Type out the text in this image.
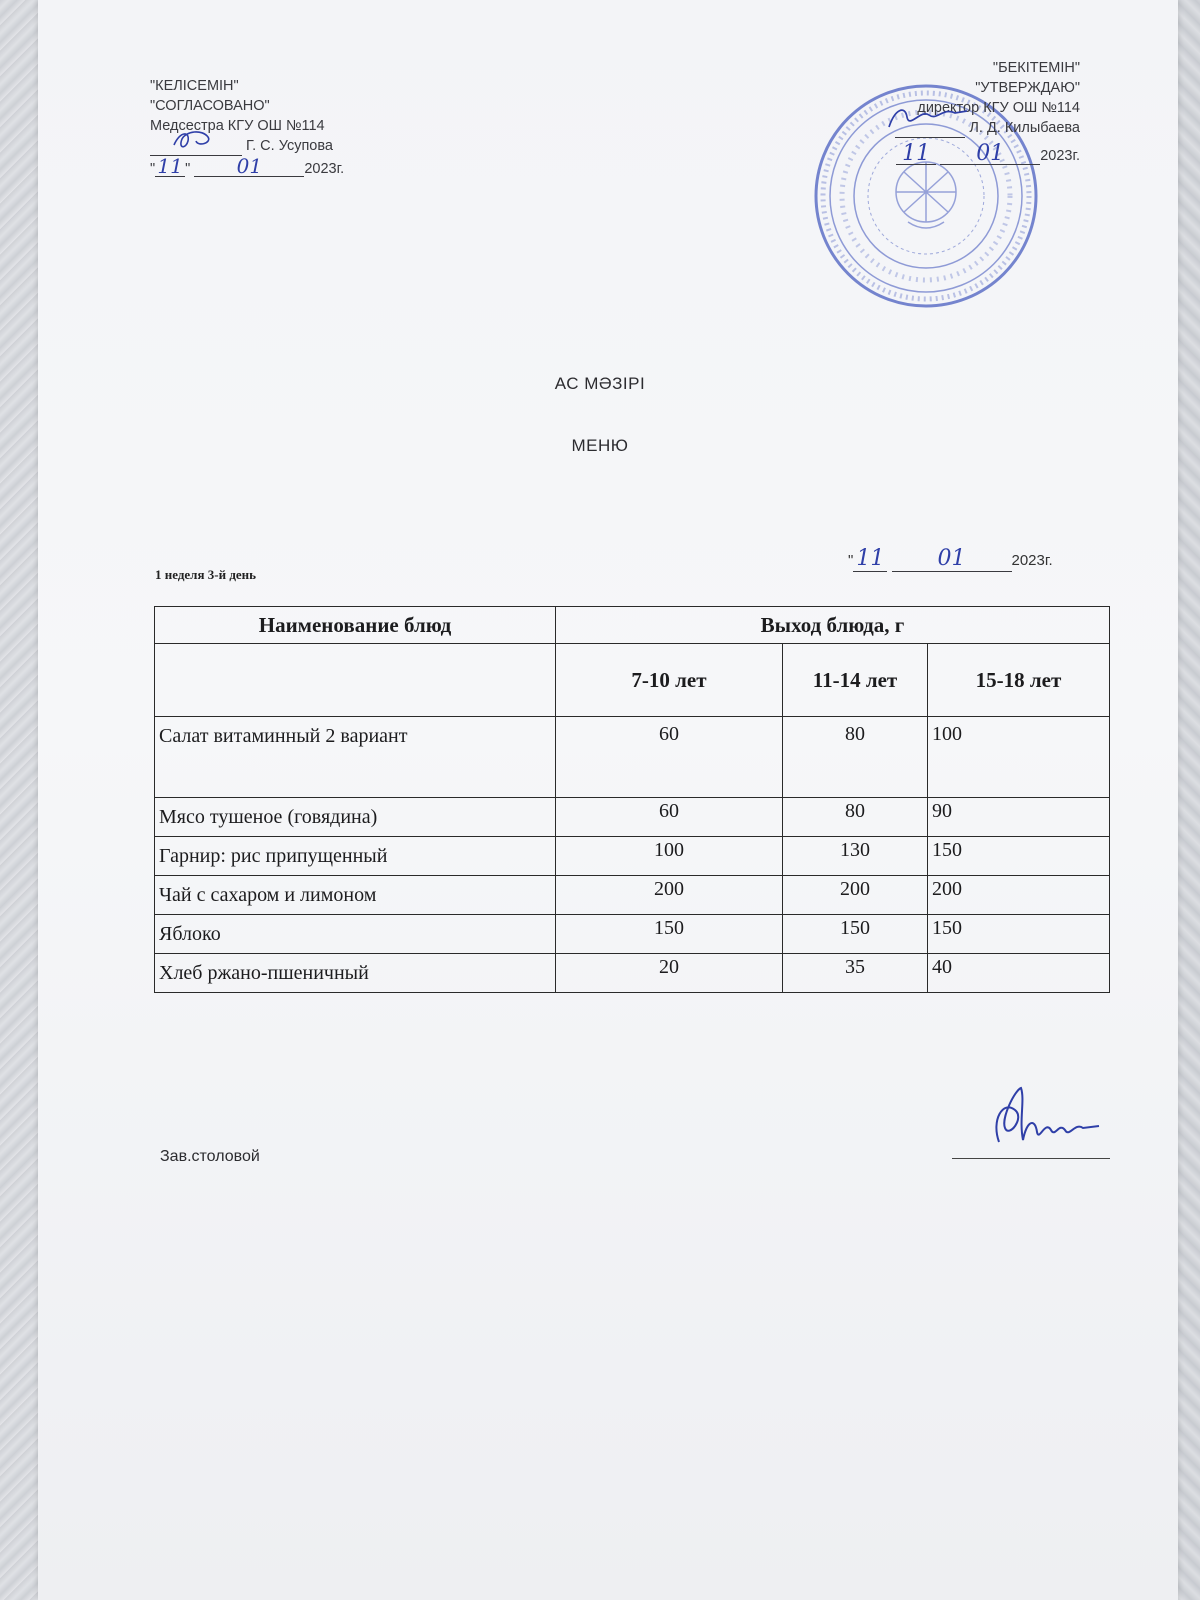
"КЕЛІСЕМІН"
"СОГЛАСОВАНО"
Медсестра КГУ ОШ №114
Г. С. Усупова
" 11 " 01	2023г.
"БЕКІТЕМІН"
"УТВЕРЖДАЮ"
директор КГУ ОШ №114
Л. Д. Килыбаева
11 01 2023г.
АС МӘЗІРІ
МЕНЮ
1 неделя 3-й день
" 11 01	2023г.
Наименование блюд	Выход блюда, г		
	7-10 лет	11-14 лет	15-18 лет
Салат витаминный 2 вариант	60	80	100
Мясо тушеное (говядина)	60	80	90
Гарнир: рис припущенный	100	130	150
Чай с сахаром и лимоном	200	200	200
Яблоко	150	150	150
Хлеб ржано-пшеничный	20	35	40
Зав.столовой
